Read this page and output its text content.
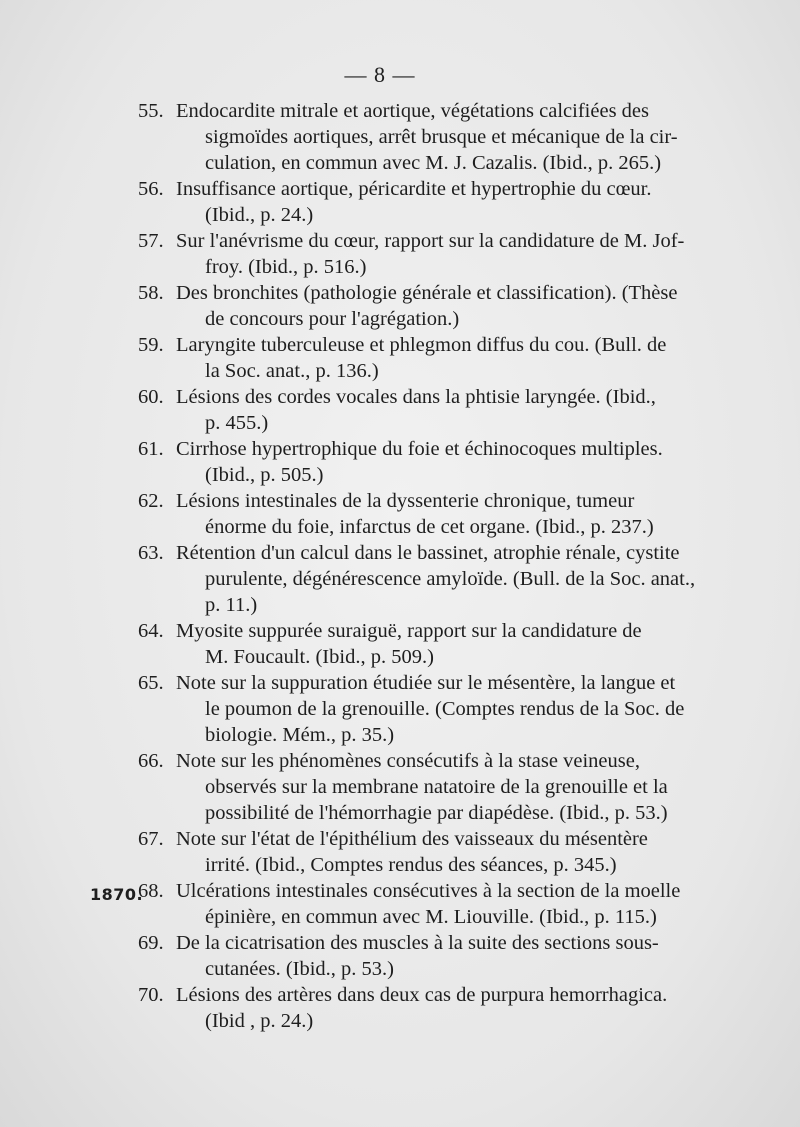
— 8 —
55. Endocardite mitrale et aortique, végétations calcifiées des
sigmoïdes aortiques, arrêt brusque et mécanique de la cir-
culation, en commun avec M. J. Cazalis. (Ibid., p. 265.)
56. Insuffisance aortique, péricardite et hypertrophie du cœur.
(Ibid., p. 24.)
57. Sur l'anévrisme du cœur, rapport sur la candidature de M. Jof-
froy. (Ibid., p. 516.)
58. Des bronchites (pathologie générale et classification). (Thèse
de concours pour l'agrégation.)
59. Laryngite tuberculeuse et phlegmon diffus du cou. (Bull. de
la Soc. anat., p. 136.)
60. Lésions des cordes vocales dans la phtisie laryngée. (Ibid.,
p. 455.)
61. Cirrhose hypertrophique du foie et échinocoques multiples.
(Ibid., p. 505.)
62. Lésions intestinales de la dyssenterie chronique, tumeur
énorme du foie, infarctus de cet organe. (Ibid., p. 237.)
63. Rétention d'un calcul dans le bassinet, atrophie rénale, cystite
purulente, dégénérescence amyloïde. (Bull. de la Soc. anat.,
p. 11.)
64. Myosite suppurée suraiguë, rapport sur la candidature de
M. Foucault. (Ibid., p. 509.)
65. Note sur la suppuration étudiée sur le mésentère, la langue et
le poumon de la grenouille. (Comptes rendus de la Soc. de
biologie. Mém., p. 35.)
66. Note sur les phénomènes consécutifs à la stase veineuse,
observés sur la membrane natatoire de la grenouille et la
possibilité de l'hémorrhagie par diapédèse. (Ibid., p. 53.)
67. Note sur l'état de l'épithélium des vaisseaux du mésentère
irrité. (Ibid., Comptes rendus des séances, p. 345.)
1870.
68. Ulcérations intestinales consécutives à la section de la moelle
épinière, en commun avec M. Liouville. (Ibid., p. 115.)
69. De la cicatrisation des muscles à la suite des sections sous-
cutanées. (Ibid., p. 53.)
70. Lésions des artères dans deux cas de purpura hemorrhagica.
(Ibid , p. 24.)
